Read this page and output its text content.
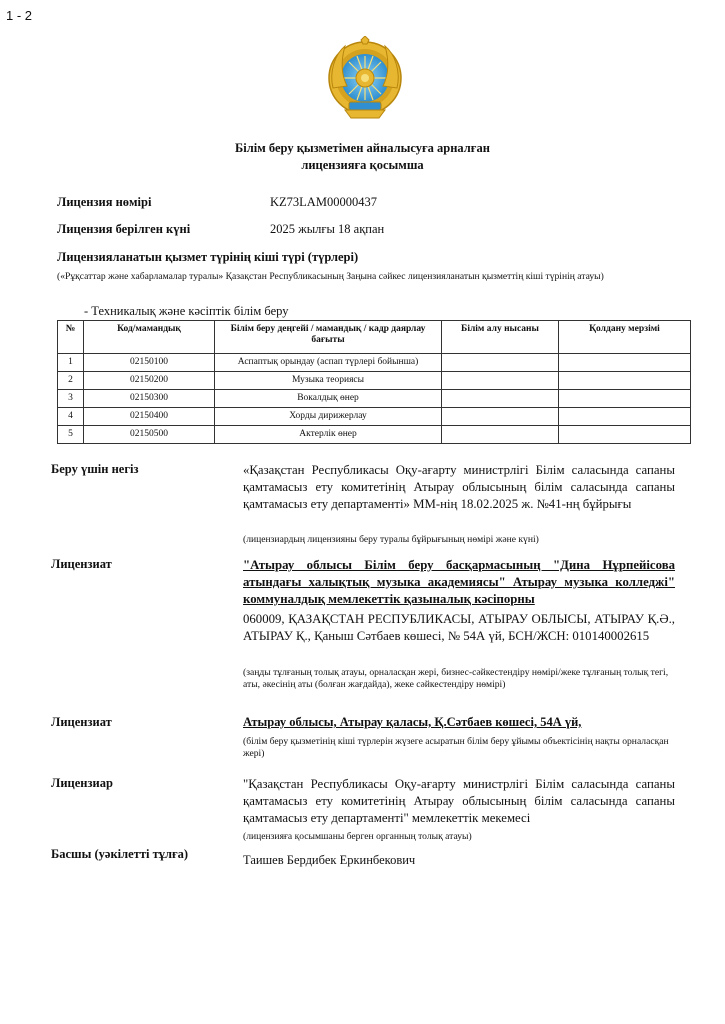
1 - 2
Білім беру қызметімен айналысуға арналған
лицензияға қосымша
Лицензия нөмірі	KZ73LAM00000437
Лицензия берілген күні	2025 жылғы 18 ақпан
Лицензияланатын қызмет түрінің кіші түрі (түрлері)
(«Рұқсаттар және хабарламалар туралы» Қазақстан Республикасының Заңына сәйкес лицензияланатын қызметтің кіші түрінің атауы)
- Техникалық және кәсіптік білім беру
№	Код/мамандық	Білім беру деңгейі / мамандық / кадр даярлау бағыты	Білім алу нысаны	Қолдану мерзімі
1	02150100	Аспаптық орындау (аспап түрлері бойынша)		
2	02150200	Музыка теориясы		
3	02150300	Вокалдық өнер		
4	02150400	Хорды дирижерлау		
5	02150500	Актерлік өнер		
Беру үшін негіз	«Қазақстан Республикасы Оқу-ағарту министрлігі Білім саласында сапаны қамтамасыз ету комитетінің Атырау облысының білім саласында сапаны қамтамасыз ету департаменті» ММ-нің 18.02.2025 ж. №41-нң бұйрығы
(лицензиардың лицензияны беру туралы бұйрығының нөмірі және күні)
Лицензиат	"Атырау облысы Білім беру басқармасының "Дина Нұрпейісова атындағы халықтық музыка академиясы" Атырау музыка колледжі" коммуналдық мемлекеттік қазыналық кәсіпорны
060009, ҚАЗАҚСТАН РЕСПУБЛИКАСЫ, АТЫРАУ ОБЛЫСЫ, АТЫРАУ Қ.Ә., АТЫРАУ Қ., Қаныш Сәтбаев көшесі, № 54А үй, БСН/ЖСН: 010140002615
(заңды тұлғаның толық атауы, орналасқан жері, бизнес-сәйкестендіру нөмірі/жеке тұлғаның толық тегі, аты, әкесінің аты (болған жағдайда), жеке сәйкестендіру нөмірі)
Лицензиат	Атырау облысы, Атырау қаласы, Қ.Сәтбаев көшесі, 54А үй,
(білім беру қызметінің кіші түрлерін жүзеге асыратын білім беру ұйымы объектісінің нақты орналасқан жері)
Лицензиар	"Қазақстан Республикасы Оқу-ағарту министрлігі Білім саласында сапаны қамтамасыз ету комитетінің Атырау облысының білім саласында сапаны қамтамасыз ету департаменті" мемлекеттік мекемесі
(лицензияға қосымшаны берген органның толық атауы)
Басшы (уәкілетті тұлға)	Таишев Бердибек Еркинбекович
